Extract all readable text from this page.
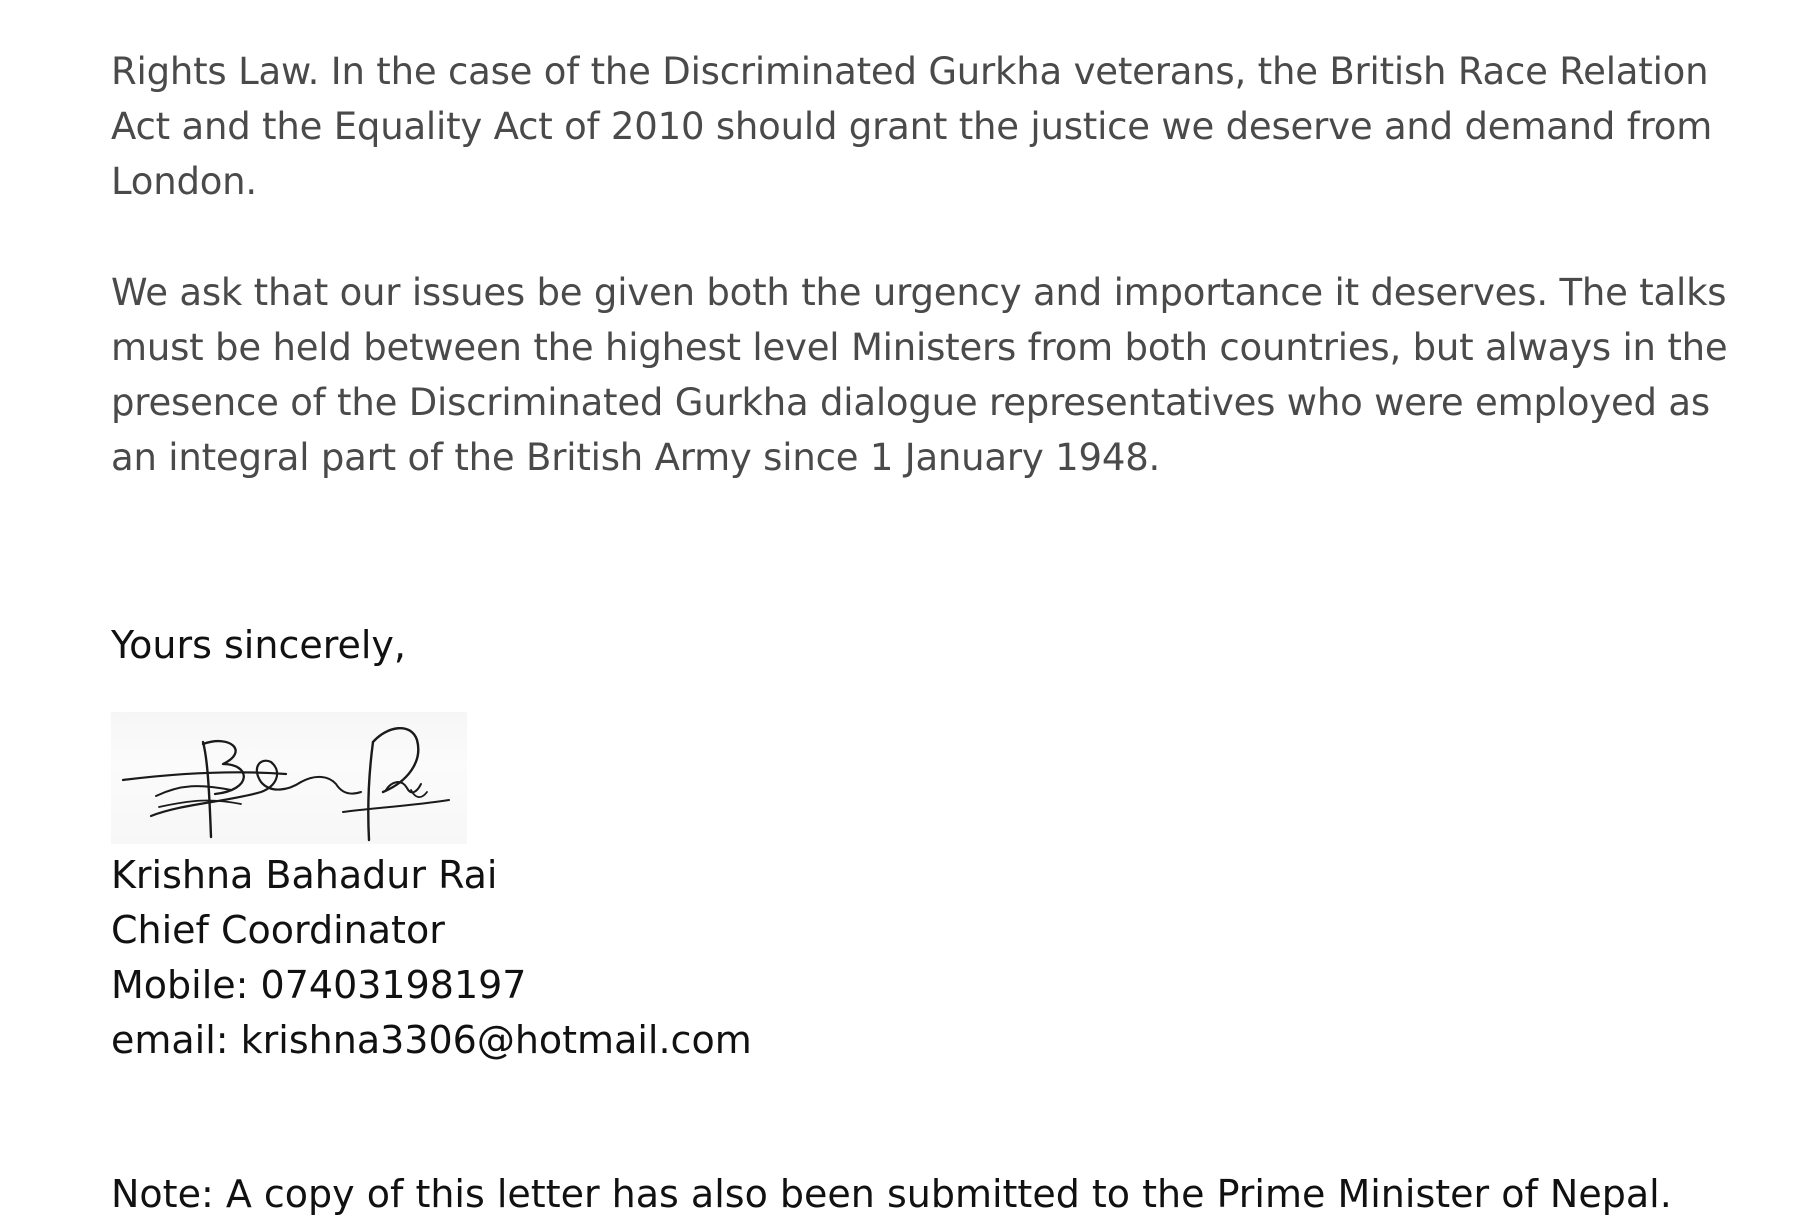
Rights Law. In the case of the Discriminated Gurkha veterans, the British Race Relation Act and the Equality Act of 2010 should grant the justice we deserve and demand from London.

We ask that our issues be given both the urgency and importance it deserves. The talks must be held between the highest level Ministers from both countries, but always in the presence of the Discriminated Gurkha dialogue representatives who were employed as an integral part of the British Army since 1 January 1948.

Yours sincerely,

Krishna Bahadur Rai
Chief Coordinator
Mobile: 07403198197
email: krishna3306@hotmail.com

Note: A copy of this letter has also been submitted to the Prime Minister of Nepal.
